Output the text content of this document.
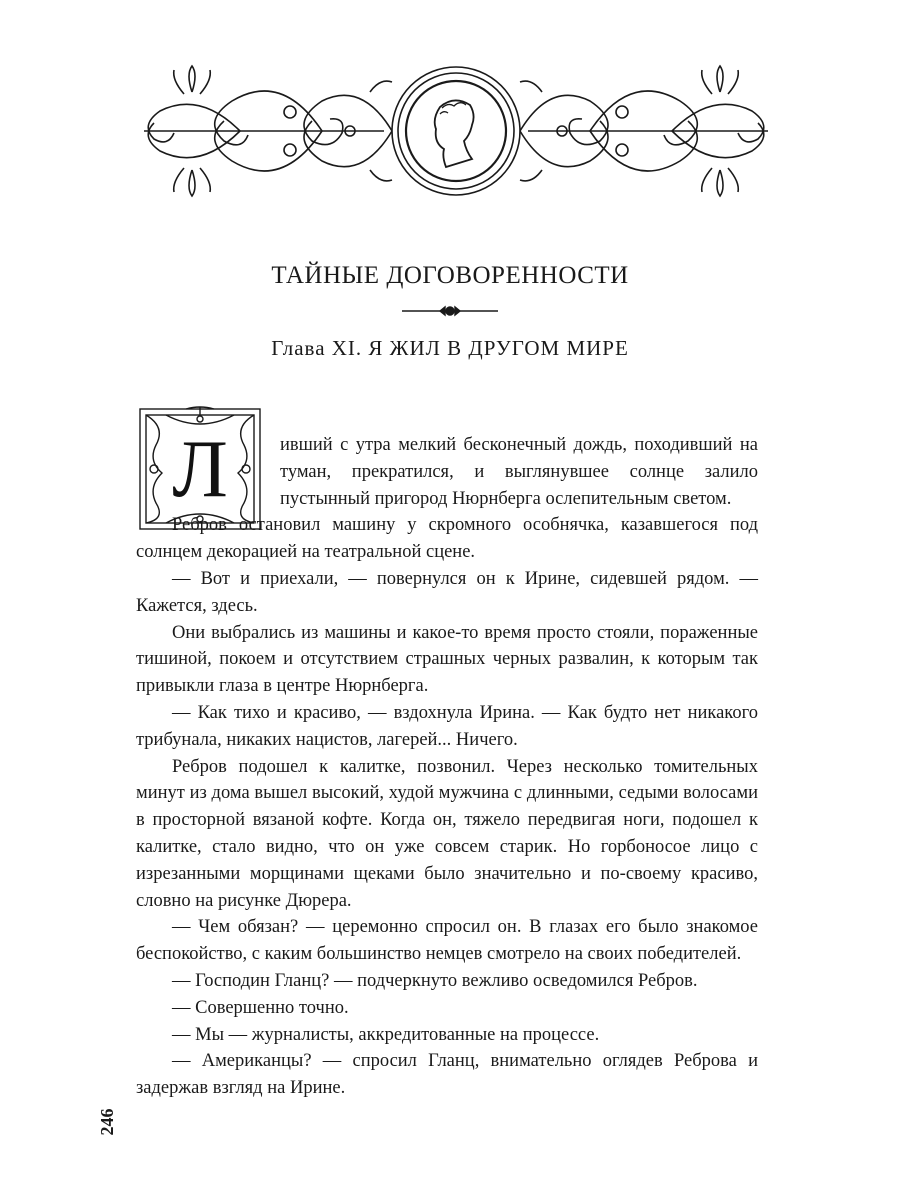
ТАЙНЫЕ ДОГОВОРЕННОСТИ
Глава XI. Я ЖИЛ В ДРУГОМ МИРЕ
Л	ивший с утра мелкий бесконечный дождь, походивший на туман, прекратился, и выглянувшее солнце залило пустынный пригород Нюрнберга ослепительным светом.

Ребров остановил машину у скромного особнячка, казавшегося под солнцем декорацией на театральной сцене.

— Вот и приехали, — повернулся он к Ирине, сидевшей рядом. — Кажется, здесь.

Они выбрались из машины и какое-то время просто стояли, пораженные тишиной, покоем и отсутствием страшных черных развалин, к которым так привыкли глаза в центре Нюрнберга.

— Как тихо и красиво, — вздохнула Ирина. — Как будто нет никакого трибунала, никаких нацистов, лагерей... Ничего.

Ребров подошел к калитке, позвонил. Через несколько томительных минут из дома вышел высокий, худой мужчина с длинными, седыми волосами в просторной вязаной кофте. Когда он, тяжело передвигая ноги, подошел к калитке, стало видно, что он уже совсем старик. Но горбоносое лицо с изрезанными морщинами щеками было значительно и по-своему красиво, словно на рисунке Дюрера.

— Чем обязан? — церемонно спросил он. В глазах его было знакомое беспокойство, с каким большинство немцев смотрело на своих победителей.

— Господин Гланц? — подчеркнуто вежливо осведомился Ребров.

— Совершенно точно.

— Мы — журналисты, аккредитованные на процессе.

— Американцы? — спросил Гланц, внимательно оглядев Реброва и задержав взгляд на Ирине.

246
